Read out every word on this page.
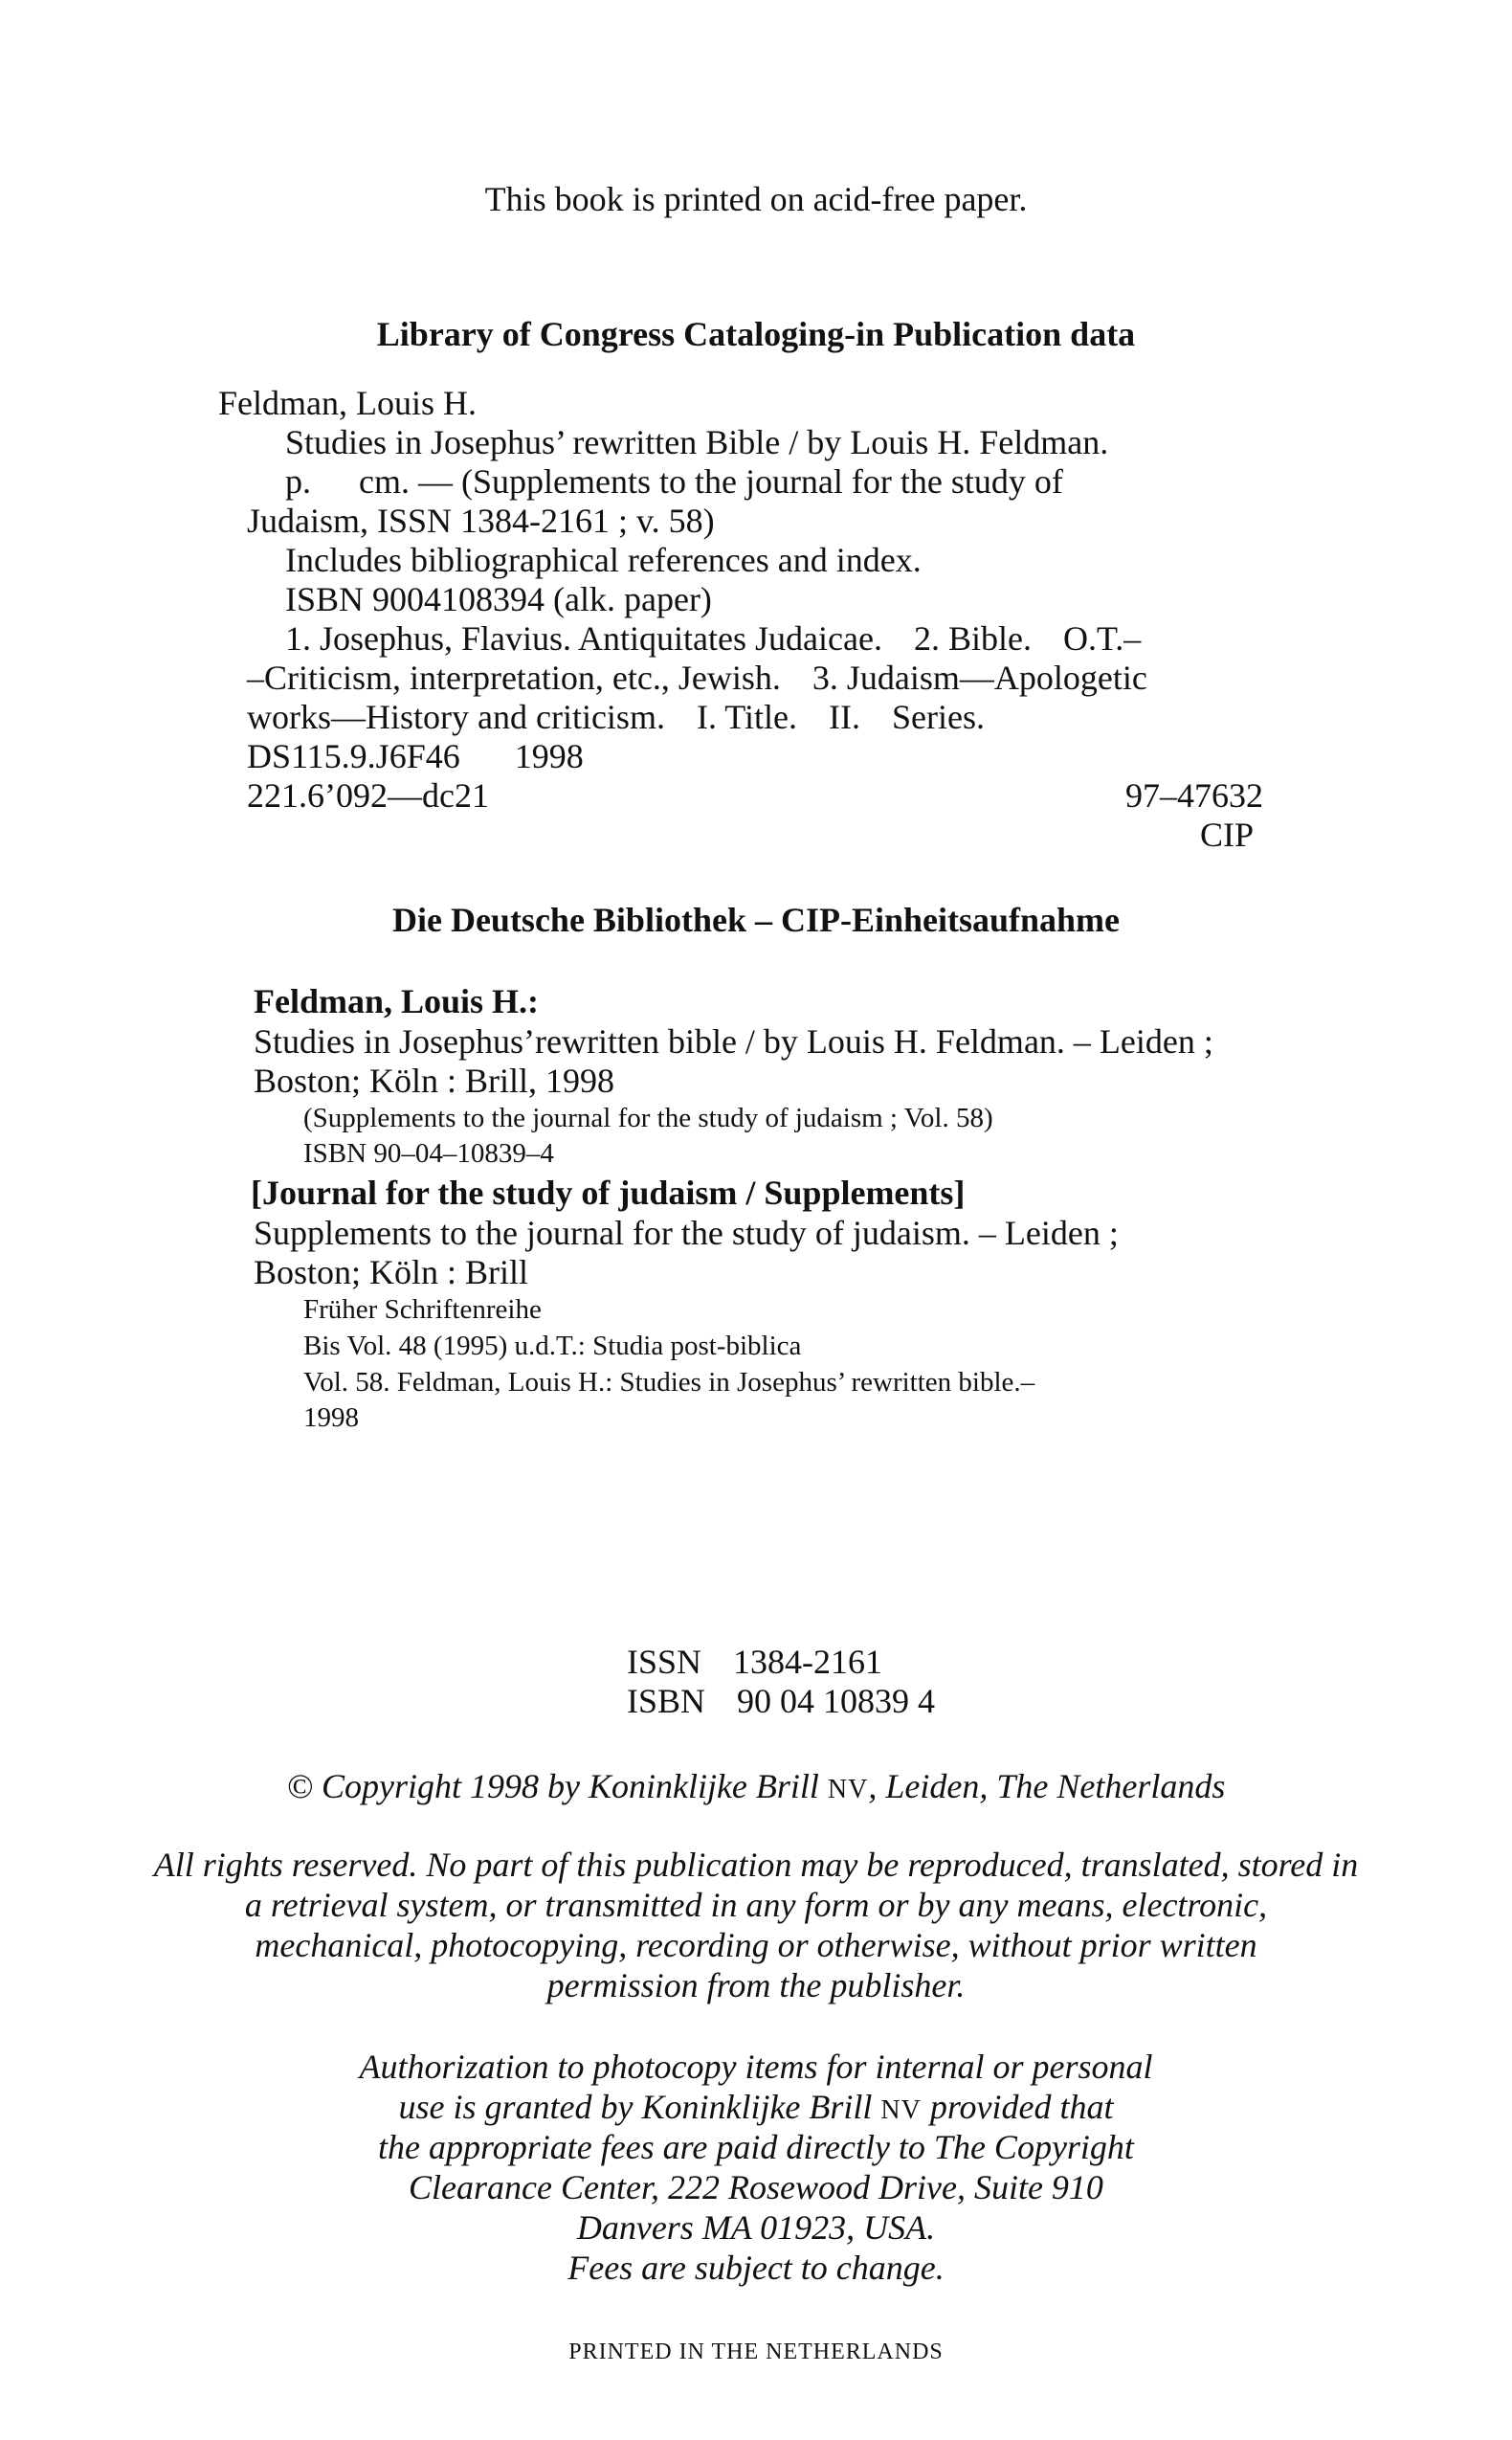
This book is printed on acid-free paper.
Library of Congress Cataloging-in Publication data
Feldman, Louis H.
Studies in Josephus’ rewritten Bible / by Louis H. Feldman.
p. cm. — (Supplements to the journal for the study of
Judaism, ISSN 1384-2161 ; v. 58)
Includes bibliographical references and index.
ISBN 9004108394 (alk. paper)
1. Josephus, Flavius. Antiquitates Judaicae. 2. Bible. O.T.–
–Criticism, interpretation, etc., Jewish. 3. Judaism—Apologetic
works—History and criticism. I. Title. II. Series.
DS115.9.J6F46 1998
221.6’092—dc21	97–47632
CIP
Die Deutsche Bibliothek – CIP-Einheitsaufnahme
Feldman, Louis H.:
Studies in Josephus’rewritten bible / by Louis H. Feldman. – Leiden ;
Boston; Köln : Brill, 1998
(Supplements to the journal for the study of judaism ; Vol. 58)
ISBN 90–04–10839–4
[Journal for the study of judaism / Supplements]
Supplements to the journal for the study of judaism. – Leiden ;
Boston; Köln : Brill
Früher Schriftenreihe
Bis Vol. 48 (1995) u.d.T.: Studia post-biblica
Vol. 58. Feldman, Louis H.: Studies in Josephus’ rewritten bible.–
1998
ISSN 1384-2161
ISBN 90 04 10839 4
© Copyright 1998 by Koninklijke Brill NV, Leiden, The Netherlands
All rights reserved. No part of this publication may be reproduced, translated, stored in
a retrieval system, or transmitted in any form or by any means, electronic,
mechanical, photocopying, recording or otherwise, without prior written
permission from the publisher.
Authorization to photocopy items for internal or personal
use is granted by Koninklijke Brill NV provided that
the appropriate fees are paid directly to The Copyright
Clearance Center, 222 Rosewood Drive, Suite 910
Danvers MA 01923, USA.
Fees are subject to change.
PRINTED IN THE NETHERLANDS
